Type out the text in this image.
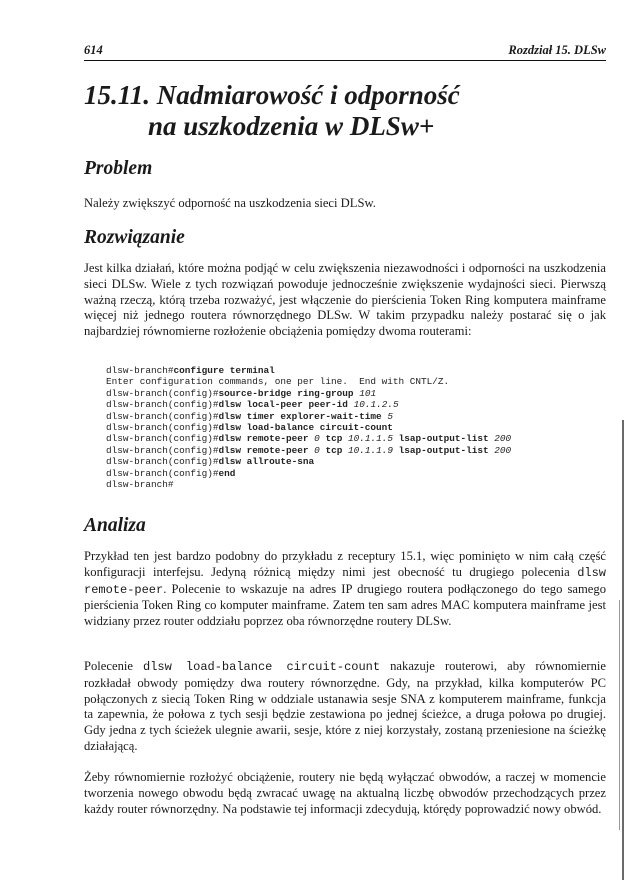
614	Rozdział 15. DLSw
15.11. Nadmiarowość i odporność
na uszkodzenia w DLSw+
Problem

Należy zwiększyć odporność na uszkodzenia sieci DLSw.

Rozwiązanie

Jest kilka działań, które można podjąć w celu zwiększenia niezawodności i odporności na uszkodzenia sieci DLSw. Wiele z tych rozwiązań powoduje jednocześnie zwiększenie wydajności sieci. Pierwszą ważną rzeczą, którą trzeba rozważyć, jest włączenie do pierścienia Token Ring komputera mainframe więcej niż jednego routera równorzędnego DLSw. W takim przypadku należy postarać się o jak najbardziej równomierne rozłożenie obciążenia pomiędzy dwoma routerami:

dlsw-branch#configure terminal
Enter configuration commands, one per line.  End with CNTL/Z.
dlsw-branch(config)#source-bridge ring-group 101
dlsw-branch(config)#dlsw local-peer peer-id 10.1.2.5
dlsw-branch(config)#dlsw timer explorer-wait-time 5
dlsw-branch(config)#dlsw load-balance circuit-count
dlsw-branch(config)#dlsw remote-peer 0 tcp 10.1.1.5 lsap-output-list 200
dlsw-branch(config)#dlsw remote-peer 0 tcp 10.1.1.9 lsap-output-list 200
dlsw-branch(config)#dlsw allroute-sna
dlsw-branch(config)#end
dlsw-branch#
Analiza

Przykład ten jest bardzo podobny do przykładu z receptury 15.1, więc pominięto w nim całą część konfiguracji interfejsu. Jedyną różnicą między nimi jest obecność tu drugiego polecenia dlsw remote-peer. Polecenie to wskazuje na adres IP drugiego routera podłączonego do tego samego pierścienia Token Ring co komputer mainframe. Zatem ten sam adres MAC komputera mainframe jest widziany przez router oddziału poprzez oba równorzędne routery DLSw.

Polecenie dlsw load-balance circuit-count nakazuje routerowi, aby równomiernie rozkładał obwody pomiędzy dwa routery równorzędne. Gdy, na przykład, kilka komputerów PC połączonych z siecią Token Ring w oddziale ustanawia sesje SNA z komputerem mainframe, funkcja ta zapewnia, że połowa z tych sesji będzie zestawiona po jednej ścieżce, a druga połowa po drugiej. Gdy jedna z tych ścieżek ulegnie awarii, sesje, które z niej korzystały, zostaną przeniesione na ścieżkę działającą.

Żeby równomiernie rozłożyć obciążenie, routery nie będą wyłączać obwodów, a raczej w momencie tworzenia nowego obwodu będą zwracać uwagę na aktualną liczbę obwodów przechodzących przez każdy router równorzędny. Na podstawie tej informacji zdecydują, którędy poprowadzić nowy obwód.
